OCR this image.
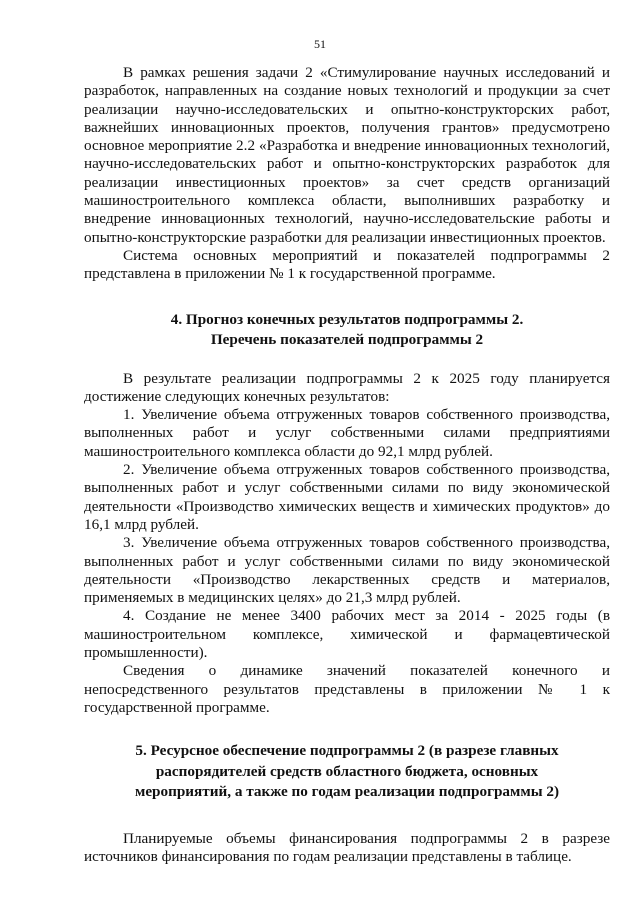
51

В рамках решения задачи 2 «Стимулирование научных исследований и разработок, направленных на создание новых технологий и продукции за счет реализации научно-исследовательских и опытно-конструкторских работ, важнейших инновационных проектов, получения грантов» предусмотрено основное мероприятие 2.2 «Разработка и внедрение инновационных технологий, научно-исследовательских работ и опытно-конструкторских разработок для реализации инвестиционных проектов» за счет средств организаций машиностроительного комплекса области, выполнивших разработку и внедрение инновационных технологий, научно-исследовательские работы и опытно-конструкторские разработки для реализации инвестиционных проектов.

Система основных мероприятий и показателей подпрограммы 2 представлена в приложении № 1 к государственной программе.

4. Прогноз конечных результатов подпрограммы 2.
Перечень показателей подпрограммы 2

В результате реализации подпрограммы 2 к 2025 году планируется достижение следующих конечных результатов:

1. Увеличение объема отгруженных товаров собственного производства, выполненных работ и услуг собственными силами предприятиями машиностроительного комплекса области до 92,1 млрд рублей.

2. Увеличение объема отгруженных товаров собственного производства, выполненных работ и услуг собственными силами по виду экономической деятельности «Производство химических веществ и химических продуктов» до 16,1 млрд рублей.

3. Увеличение объема отгруженных товаров собственного производства, выполненных работ и услуг собственными силами по виду экономической деятельности «Производство лекарственных средств и материалов, применяемых в медицинских целях» до 21,3 млрд рублей.

4. Создание не менее 3400 рабочих мест за 2014 - 2025 годы (в машиностроительном комплексе, химической и фармацевтической промышленности).

Сведения о динамике значений показателей конечного и непосредственного результатов представлены в приложении № 1 к государственной программе.

5. Ресурсное обеспечение подпрограммы 2 (в разрезе главных
распорядителей средств областного бюджета, основных
мероприятий, а также по годам реализации подпрограммы 2)

Планируемые объемы финансирования подпрограммы 2 в разрезе источников финансирования по годам реализации представлены в таблице.
